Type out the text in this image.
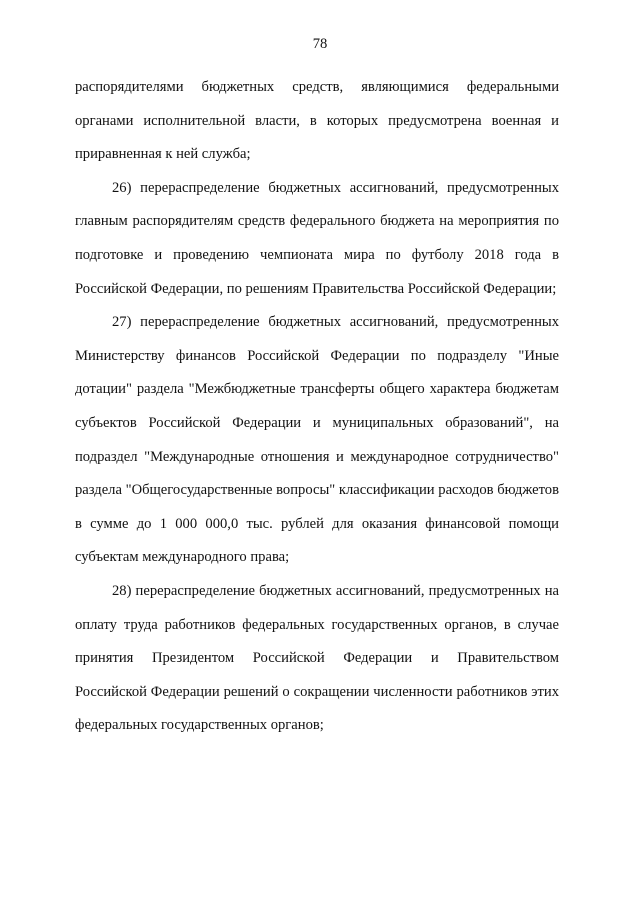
78

распорядителями бюджетных средств, являющимися федеральными органами исполнительной власти, в которых предусмотрена военная и приравненная к ней служба;

26) перераспределение бюджетных ассигнований, предусмотренных главным распорядителям средств федерального бюджета на мероприятия по подготовке и проведению чемпионата мира по футболу 2018 года в Российской Федерации, по решениям Правительства Российской Федерации;

27) перераспределение бюджетных ассигнований, предусмотренных Министерству финансов Российской Федерации по подразделу "Иные дотации" раздела "Межбюджетные трансферты общего характера бюджетам субъектов Российской Федерации и муниципальных образований", на подраздел "Международные отношения и международное сотрудничество" раздела "Общегосударственные вопросы" классификации расходов бюджетов в сумме до 1 000 000,0 тыс. рублей для оказания финансовой помощи субъектам международного права;

28) перераспределение бюджетных ассигнований, предусмотренных на оплату труда работников федеральных государственных органов, в случае принятия Президентом Российской Федерации и Правительством Российской Федерации решений о сокращении численности работников этих федеральных государственных органов;
